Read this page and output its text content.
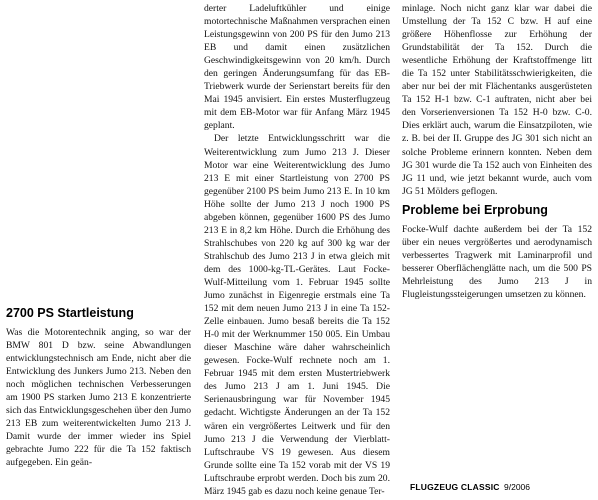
2700 PS Startleistung

Was die Motorentechnik anging, so war der BMW 801 D bzw. seine Abwandlungen entwicklungstechnisch am Ende, nicht aber die Entwicklung des Junkers Jumo 213. Neben den noch möglichen technischen Verbesserungen am 1900 PS starken Jumo 213 E konzentrierte sich das Entwicklungsgeschehen über den Jumo 213 EB zum weiterentwickelten Jumo 213 J. Damit wurde der immer wieder ins Spiel gebrachte Jumo 222 für die Ta 152 faktisch aufgegeben. Ein geän-

derter Ladeluftkühler und einige motortechnische Maßnahmen versprachen einen Leistungsgewinn von 200 PS für den Jumo 213 EB und damit einen zusätzlichen Geschwindigkeitsgewinn von 20 km/h. Durch den geringen Änderungsumfang für das EB-Triebwerk wurde der Serienstart bereits für den Mai 1945 anvisiert. Ein erstes Musterflugzeug mit dem EB-Motor war für Anfang März 1945 geplant.

Der letzte Entwicklungsschritt war die Weiterentwicklung zum Jumo 213 J. Dieser Motor war eine Weiterentwicklung des Jumo 213 E mit einer Startleistung von 2700 PS gegenüber 2100 PS beim Jumo 213 E. In 10 km Höhe sollte der Jumo 213 J noch 1900 PS abgeben können, gegenüber 1600 PS des Jumo 213 E in 8,2 km Höhe. Durch die Erhöhung des Strahlschubes von 220 kg auf 300 kg war der Strahlschub des Jumo 213 J in etwa gleich mit dem des 1000-kg-TL-Gerätes. Laut Focke-Wulf-Mitteilung vom 1. Februar 1945 sollte Jumo zunächst in Eigenregie erstmals eine Ta 152 mit dem neuen Jumo 213 J in eine Ta 152-Zelle einbauen. Jumo besaß bereits die Ta 152 H-0 mit der Werknummer 150 005. Ein Umbau dieser Maschine wäre daher wahrscheinlich gewesen. Focke-Wulf rechnete noch am 1. Februar 1945 mit dem ersten Mustertriebwerk des Jumo 213 J am 1. Juni 1945. Die Serienausbringung war für November 1945 gedacht. Wichtigste Änderungen an der Ta 152 wären ein vergrößertes Leitwerk und für den Jumo 213 J die Verwendung der Vierblatt-Luftschraube VS 19 gewesen. Aus diesem Grunde sollte eine Ta 152 vorab mit der VS 19 Luftschraube erprobt werden. Doch bis zum 20. März 1945 gab es dazu noch keine genaue Ter-

minlage. Noch nicht ganz klar war dabei die Umstellung der Ta 152 C bzw. H auf eine größere Höhenflosse zur Erhöhung der Grundstabilität der Ta 152. Durch die wesentliche Erhöhung der Kraftstoffmenge litt die Ta 152 unter Stabilitätsschwierigkeiten, die aber nur bei der mit Flächentanks ausgerüsteten Ta 152 H-1 bzw. C-1 auftraten, nicht aber bei den Vorserienversionen Ta 152 H-0 bzw. C-0. Dies erklärt auch, warum die Einsatzpiloten, wie z. B. bei der II. Gruppe des JG 301 sich nicht an solche Probleme erinnern konnten. Neben dem JG 301 wurde die Ta 152 auch von Einheiten des JG 11 und, wie jetzt bekannt wurde, auch vom JG 51 Mölders geflogen.

Probleme bei Erprobung

Focke-Wulf dachte außerdem bei der Ta 152 über ein neues vergrößertes und aerodynamisch verbessertes Tragwerk mit Laminarprofil und besserer Oberflächenglätte nach, um die 500 PS Mehrleistung des Jumo 213 J in Flugleistungssteigerungen umsetzen zu können.

FLUGZEUG CLASSIC 9/2006
